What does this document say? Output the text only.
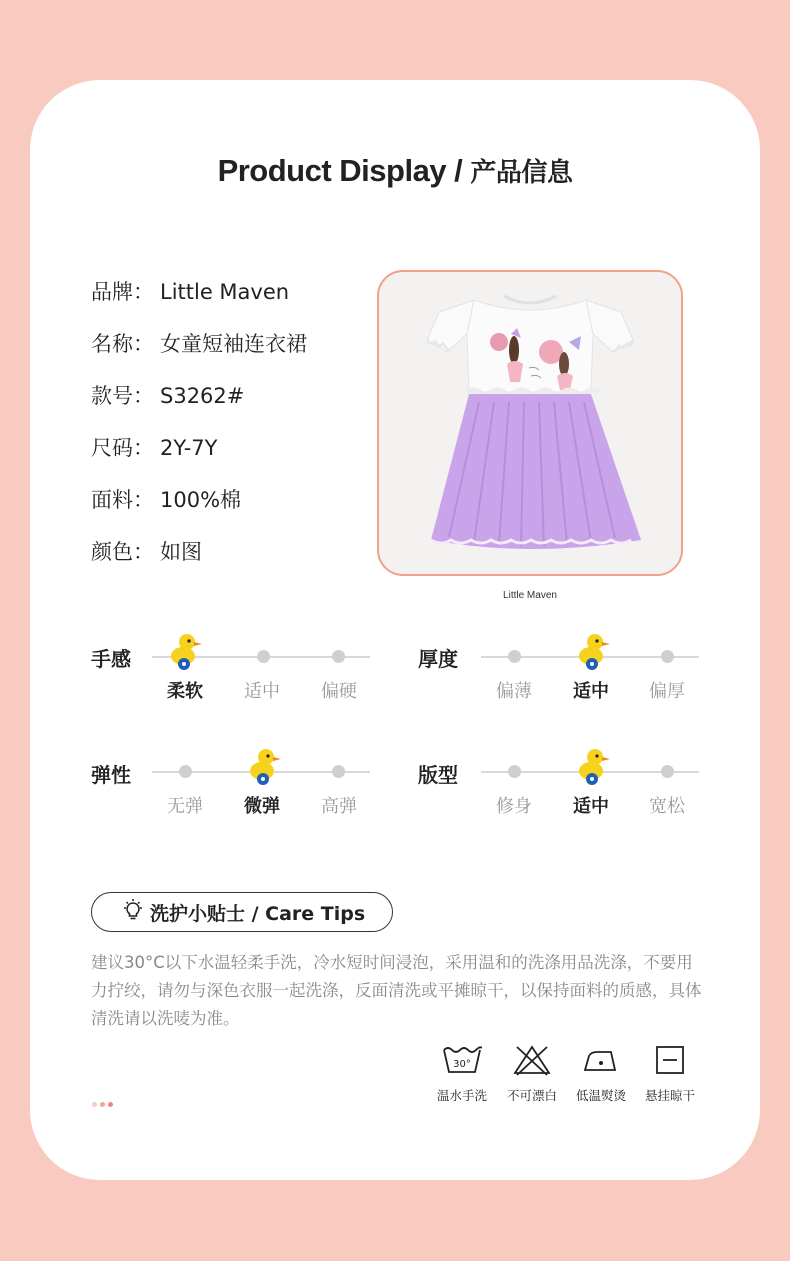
Product Display / 产品信息
品牌： Little Maven
名称： 女童短袖连衣裙
款号： S3262#
尺码： 2Y-7Y
面料： 100%棉
颜色： 如图
Little Maven
手感
柔软	适中	偏硬
厚度
偏薄	适中	偏厚
弹性
无弹	微弹	高弹
版型
修身	适中	宽松
洗护小贴士 / Care Tips
建议30°C以下水温轻柔手洗，冷水短时间浸泡，采用温和的洗涤用品洗涤，不要用力拧绞，请勿与深色衣服一起洗涤，反面清洗或平摊晾干，以保持面料的质感，具体清洗请以洗唛为准。
30°
温水手洗	不可漂白	低温熨烫	悬挂晾干
